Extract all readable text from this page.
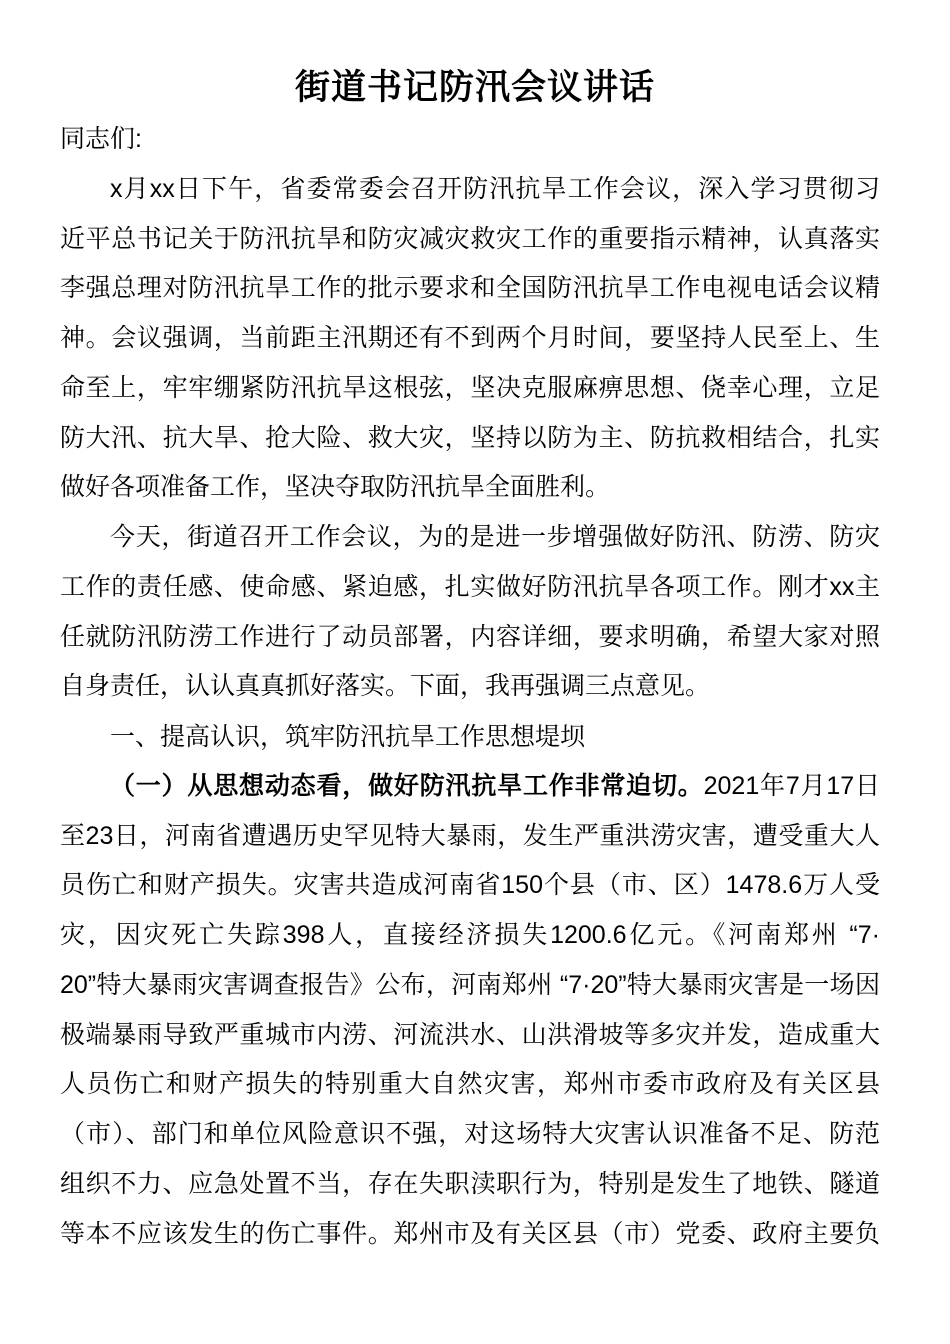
街道书记防汛会议讲话
同志们:
x月xx日下午，省委常委会召开防汛抗旱工作会议，深入学习贯彻习
近平总书记关于防汛抗旱和防灾减灾救灾工作的重要指示精神，认真落实
李强总理对防汛抗旱工作的批示要求和全国防汛抗旱工作电视电话会议精
神。会议强调，当前距主汛期还有不到两个月时间，要坚持人民至上、生
命至上，牢牢绷紧防汛抗旱这根弦，坚决克服麻痹思想、侥幸心理，立足
防大汛、抗大旱、抢大险、救大灾，坚持以防为主、防抗救相结合，扎实
做好各项准备工作，坚决夺取防汛抗旱全面胜利。
今天，街道召开工作会议，为的是进一步增强做好防汛、防涝、防灾
工作的责任感、使命感、紧迫感，扎实做好防汛抗旱各项工作。刚才xx主
任就防汛防涝工作进行了动员部署，内容详细，要求明确，希望大家对照
自身责任，认认真真抓好落实。下面，我再强调三点意见。
一、提高认识，筑牢防汛抗旱工作思想堤坝
（一）从思想动态看，做好防汛抗旱工作非常迫切。2021年7月17日
至23日，河南省遭遇历史罕见特大暴雨，发生严重洪涝灾害，遭受重大人
员伤亡和财产损失。灾害共造成河南省150个县（市、区）1478.6万人受
灾，因灾死亡失踪398人，直接经济损失1200.6亿元。《河南郑州 “7·
20”特大暴雨灾害调查报告》公布，河南郑州 “7·20”特大暴雨灾害是一场因
极端暴雨导致严重城市内涝、河流洪水、山洪滑坡等多灾并发，造成重大
人员伤亡和财产损失的特别重大自然灾害，郑州市委市政府及有关区县
（市）、部门和单位风险意识不强，对这场特大灾害认识准备不足、防范
组织不力、应急处置不当，存在失职渎职行为，特别是发生了地铁、隧道
等本不应该发生的伤亡事件。郑州市及有关区县（市）党委、政府主要负
